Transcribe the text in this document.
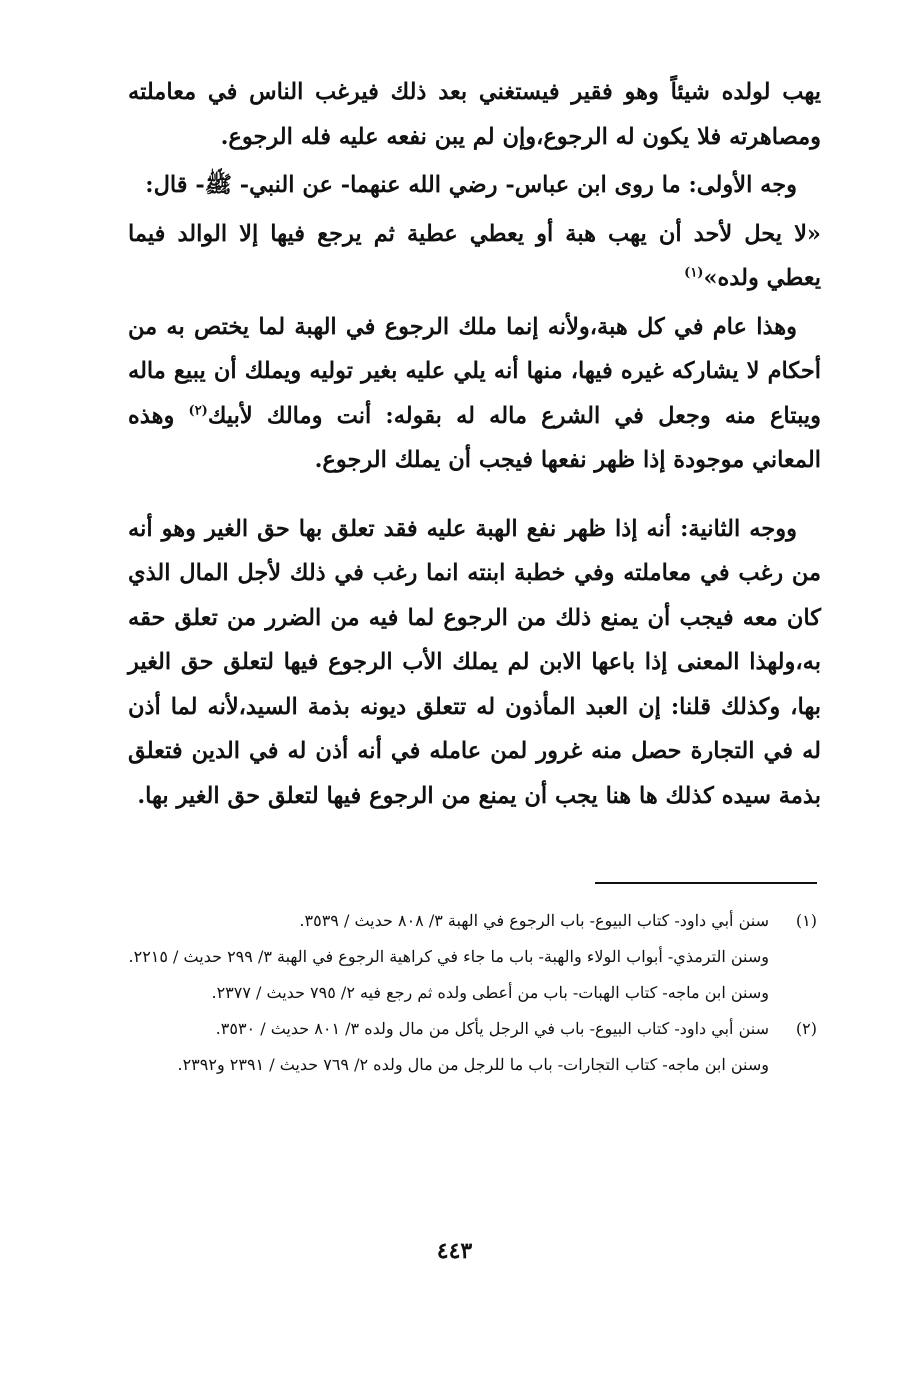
يهب لولده شيئاً وهو فقير فيستغني بعد ذلك فيرغب الناس في معاملته ومصاهرته فلا يكون له الرجوع،وإن لم يبن نفعه عليه فله الرجوع.

وجه الأولى: ما روى ابن عباس- رضي الله عنهما- عن النبي- ﷺ- قال:

«لا يحل لأحد أن يهب هبة أو يعطي عطية ثم يرجع فيها إلا الوالد فيما يعطي ولده»$^{(١)}$

وهذا عام في كل هبة،ولأنه إنما ملك الرجوع في الهبة لما يختص به من أحكام لا يشاركه غيره فيها، منها أنه يلي عليه بغير توليه ويملك أن يبيع ماله ويبتاع منه وجعل في الشرع ماله له بقوله: أنت ومالك لأبيك$^{(٢)}$ وهذه المعاني موجودة إذا ظهر نفعها فيجب أن يملك الرجوع.

ووجه الثانية: أنه إذا ظهر نفع الهبة عليه فقد تعلق بها حق الغير وهو أنه من رغب في معاملته وفي خطبة ابنته انما رغب في ذلك لأجل المال الذي كان معه فيجب أن يمنع ذلك من الرجوع لما فيه من الضرر من تعلق حقه به،ولهذا المعنى إذا باعها الابن لم يملك الأب الرجوع فيها لتعلق حق الغير بها، وكذلك قلنا: إن العبد المأذون له تتعلق ديونه بذمة السيد،لأنه لما أذن له في التجارة حصل منه غرور لمن عامله في أنه أذن له في الدين فتعلق بذمة سيده كذلك ها هنا يجب أن يمنع من الرجوع فيها لتعلق حق الغير بها.

(١)

سنن أبي داود- كتاب البيوع- باب الرجوع في الهبة ٣/ ٨٠٨ حديث / ٣٥٣٩.

وسنن الترمذي- أبواب الولاء والهبة- باب ما جاء في كراهية الرجوع في الهبة ٣/ ٢٩٩ حديث / ٢٢١٥.

وسنن ابن ماجه- كتاب الهبات- باب من أعطى ولده ثم رجع فيه ٢/ ٧٩٥ حديث / ٢٣٧٧.

(٢)

سنن أبي داود- كتاب البيوع- باب في الرجل يأكل من مال ولده ٣/ ٨٠١ حديث / ٣٥٣٠.

وسنن ابن ماجه- كتاب التجارات- باب ما للرجل من مال ولده ٢/ ٧٦٩ حديث / ٢٣٩١ و٢٣٩٢.

٤٤٣
